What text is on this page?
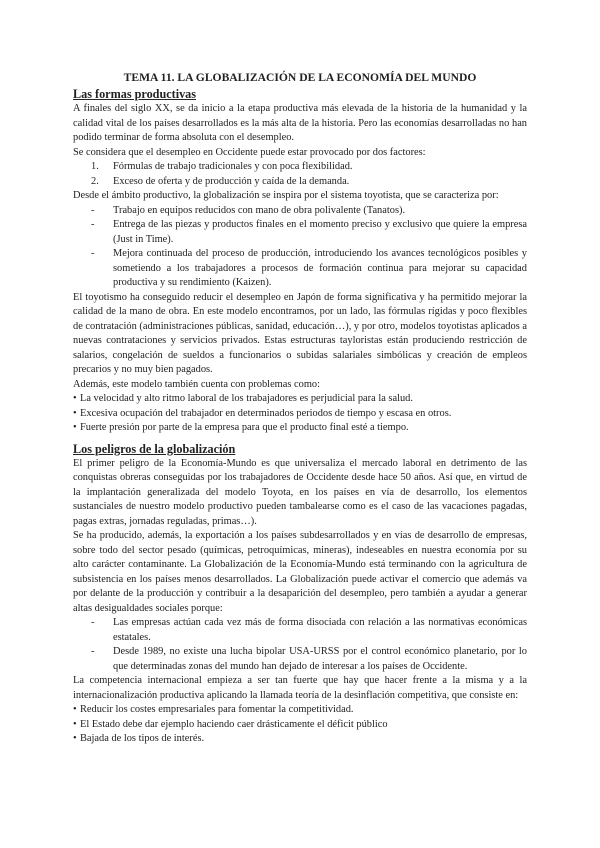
TEMA 11. LA GLOBALIZACIÓN DE LA ECONOMÍA DEL MUNDO
Las formas productivas

A finales del siglo XX, se da inicio a la etapa productiva más elevada de la historia de la humanidad y la calidad vital de los países desarrollados es la más alta de la historia. Pero las economías desarrolladas no han podido terminar de forma absoluta con el desempleo.

Se considera que el desempleo en Occidente puede estar provocado por dos factores:

1. Fórmulas de trabajo tradicionales y con poca flexibilidad.
2. Exceso de oferta y de producción y caída de la demanda.

Desde el ámbito productivo, la globalización se inspira por el sistema toyotista, que se caracteriza por:

- Trabajo en equipos reducidos con mano de obra polivalente (Tanatos).
- Entrega de las piezas y productos finales en el momento preciso y exclusivo que quiere la empresa (Just in Time).
- Mejora continuada del proceso de producción, introduciendo los avances tecnológicos posibles y sometiendo a los trabajadores a procesos de formación continua para mejorar su capacidad productiva y su rendimiento (Kaizen).

El toyotismo ha conseguido reducir el desempleo en Japón de forma significativa y ha permitido mejorar la calidad de la mano de obra. En este modelo encontramos, por un lado, las fórmulas rígidas y poco flexibles de contratación (administraciones públicas, sanidad, educación…), y por otro, modelos toyotistas aplicados a nuevas contrataciones y servicios privados. Estas estructuras tayloristas están produciendo restricción de salarios, congelación de sueldos a funcionarios o subidas salariales simbólicas y creación de empleos precarios y no muy bien pagados.

Además, este modelo también cuenta con problemas como:

• La velocidad y alto ritmo laboral de los trabajadores es perjudicial para la salud.
• Excesiva ocupación del trabajador en determinados periodos de tiempo y escasa en otros.
• Fuerte presión por parte de la empresa para que el producto final esté a tiempo.
Los peligros de la globalización

El primer peligro de la Economía-Mundo es que universaliza el mercado laboral en detrimento de las conquistas obreras conseguidas por los trabajadores de Occidente desde hace 50 años. Así que, en virtud de la implantación generalizada del modelo Toyota, en los países en vía de desarrollo, los elementos sustanciales de nuestro modelo productivo pueden tambalearse como es el caso de las vacaciones pagadas, pagas extras, jornadas reguladas, primas…).

Se ha producido, además, la exportación a los países subdesarrollados y en vías de desarrollo de empresas, sobre todo del sector pesado (químicas, petroquímicas, mineras), indeseables en nuestra economía por su alto carácter contaminante. La Globalización de la Economía-Mundo está terminando con la agricultura de subsistencia en los países menos desarrollados. La Globalización puede activar el comercio que además va por delante de la producción y contribuir a la desaparición del desempleo, pero también a ayudar a generar altas desigualdades sociales porque:

- Las empresas actúan cada vez más de forma disociada con relación a las normativas económicas estatales.
- Desde 1989, no existe una lucha bipolar USA-URSS por el control económico planetario, por lo que determinadas zonas del mundo han dejado de interesar a los países de Occidente.

La competencia internacional empieza a ser tan fuerte que hay que hacer frente a la misma y a la internacionalización productiva aplicando la llamada teoría de la desinflación competitiva, que consiste en:

• Reducir los costes empresariales para fomentar la competitividad.
• El Estado debe dar ejemplo haciendo caer drásticamente el déficit público
• Bajada de los tipos de interés.
